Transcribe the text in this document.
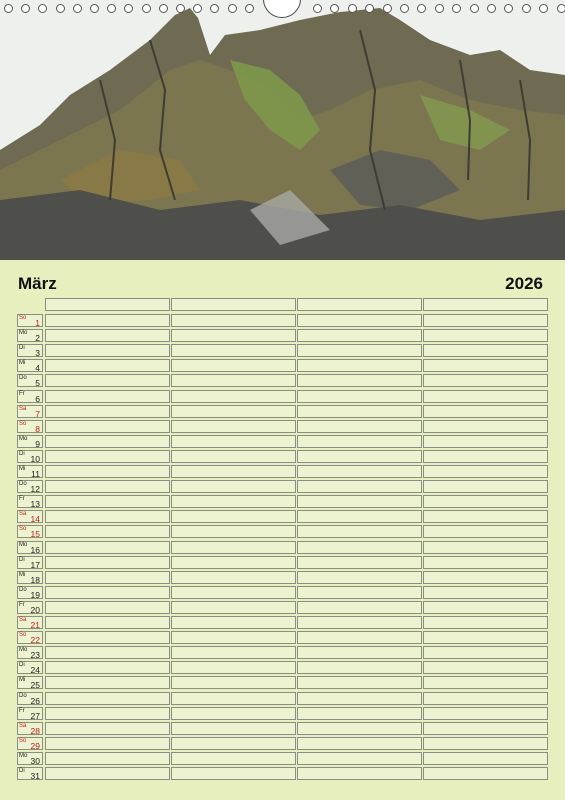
März	2026
So 1
Mo 2
Di 3
Mi 4
Do 5
Fr 6
Sa 7
So 8
Mo 9
Di 10
Mi 11
Do 12
Fr 13
Sa 14
So 15
Mo 16
Di 17
Mi 18
Do 19
Fr 20
Sa 21
So 22
Mo 23
Di 24
Mi 25
Do 26
Fr 27
Sa 28
So 29
Mo 30
Di 31
